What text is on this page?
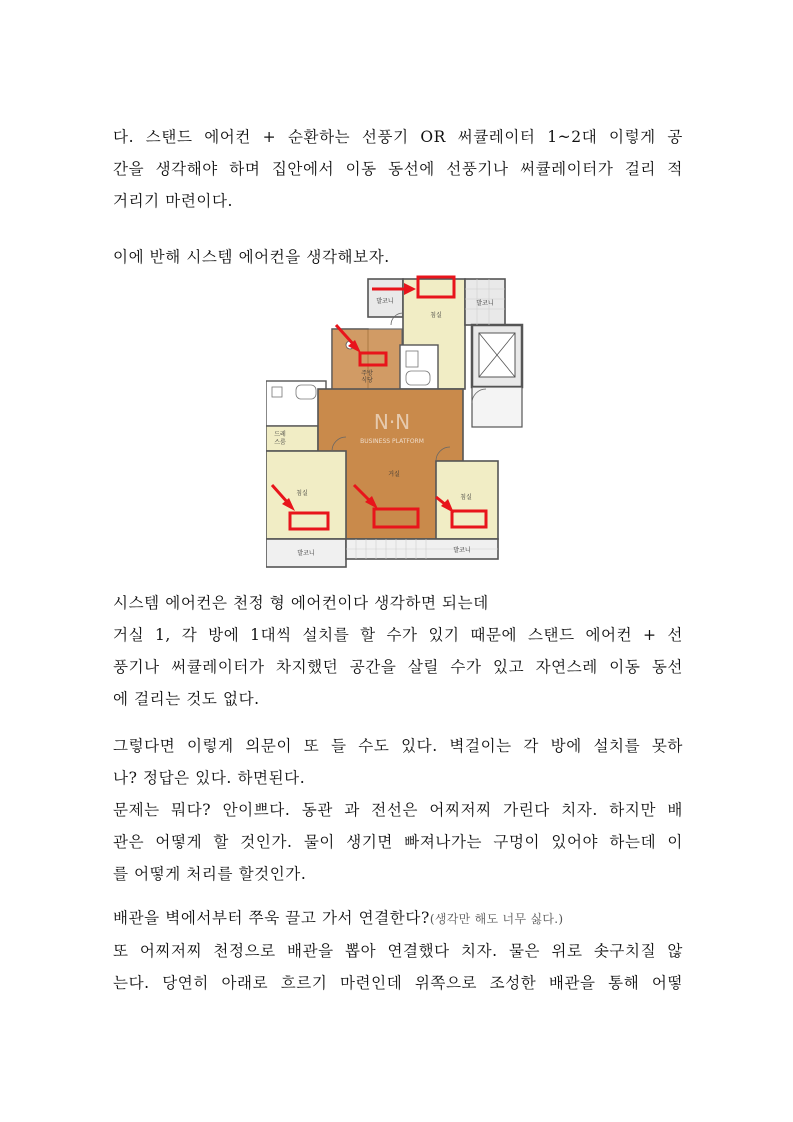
다. 스탠드 에어컨 + 순환하는 선풍기 OR 써큘레이터 1~2대 이렇게 공
간을 생각해야 하며 집안에서 이동 동선에 선풍기나 써큘레이터가 걸리 적
거리기 마련이다.
이에 반해 시스템 에어컨을 생각해보자.
N·N
BUSINESS PLATFORM
발코니
침실
발코니
주방
식당
드레
스룸
거실
침실
침실
발코니	발코니
시스템 에어컨은 천정 형 에어컨이다 생각하면 되는데
거실 1, 각 방에 1대씩 설치를 할 수가 있기 때문에 스탠드 에어컨 + 선
풍기나 써큘레이터가 차지했던 공간을 살릴 수가 있고 자연스레 이동 동선
에 걸리는 것도 없다.
그렇다면 이렇게 의문이 또 들 수도 있다. 벽걸이는 각 방에 설치를 못하
나? 정답은 있다. 하면된다.
문제는 뭐다? 안이쁘다. 동관 과 전선은 어찌저찌 가린다 치자. 하지만 배
관은 어떻게 할 것인가. 물이 생기면 빠져나가는 구멍이 있어야 하는데 이
를 어떻게 처리를 할것인가.
배관을 벽에서부터 쭈욱 끌고 가서 연결한다?(생각만 해도 너무 싫다.)
또 어찌저찌 천정으로 배관을 뽑아 연결했다 치자. 물은 위로 솟구치질 않
는다. 당연히 아래로 흐르기 마련인데 위쪽으로 조성한 배관을 통해 어떻
